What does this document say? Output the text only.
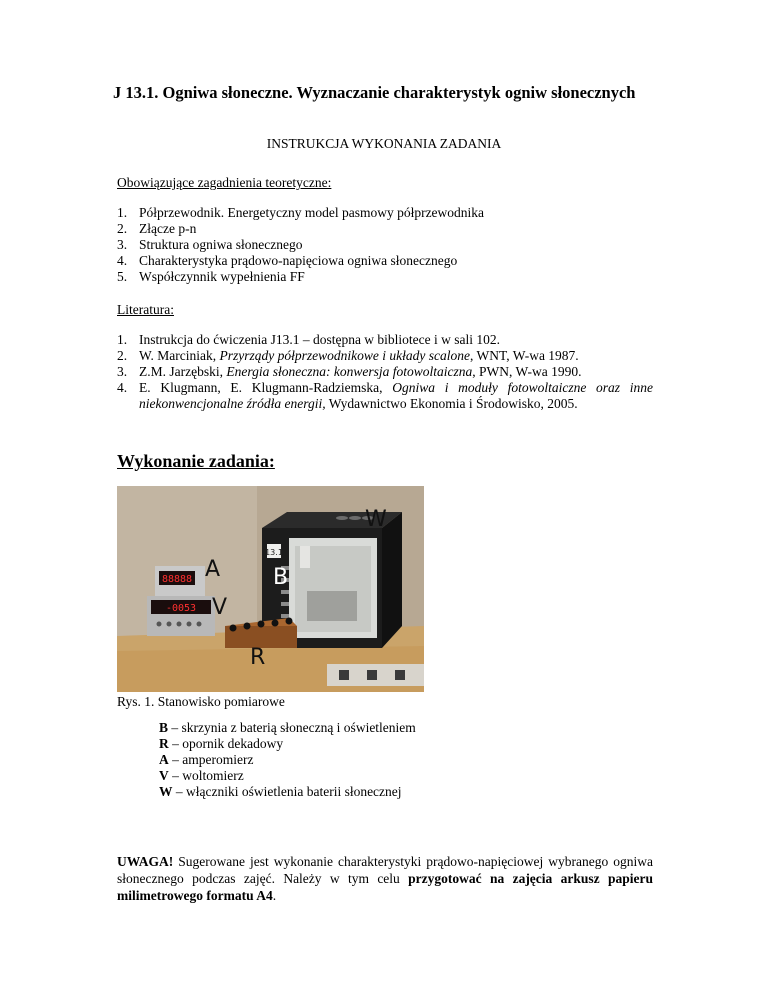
J 13.1. Ogniwa słoneczne. Wyznaczanie charakterystyk ogniw słonecznych
INSTRUKCJA WYKONANIA ZADANIA
Obowiązujące zagadnienia teoretyczne:
1. Półprzewodnik. Energetyczny model pasmowy półprzewodnika
2. Złącze p-n
3. Struktura ogniwa słonecznego
4. Charakterystyka prądowo-napięciowa ogniwa słonecznego
5. Współczynnik wypełnienia FF
Literatura:
1. Instrukcja do ćwiczenia J13.1 – dostępna w bibliotece i w sali 102.
2. W. Marciniak, Przyrządy półprzewodnikowe i układy scalone, WNT, W-wa 1987.
3. Z.M. Jarzębski, Energia słoneczna: konwersja fotowoltaiczna, PWN, W-wa 1990.
4. E. Klugmann, E. Klugmann-Radziemska, Ogniwa i moduły fotowoltaiczne oraz inne niekonwencjonalne źródła energii, Wydawnictwo Ekonomia i Środowisko, 2005.
Wykonanie zadania:
13.1
88888
-0053
W
A B
V
R
Rys. 1. Stanowisko pomiarowe
B – skrzynia z baterią słoneczną i oświetleniem
R – opornik dekadowy
A – amperomierz
V – woltomierz
W – włączniki oświetlenia baterii słonecznej
UWAGA! Sugerowane jest wykonanie charakterystyki prądowo-napięciowej wybranego ogniwa słonecznego podczas zajęć. Należy w tym celu przygotować na zajęcia arkusz papieru milimetrowego formatu A4.
